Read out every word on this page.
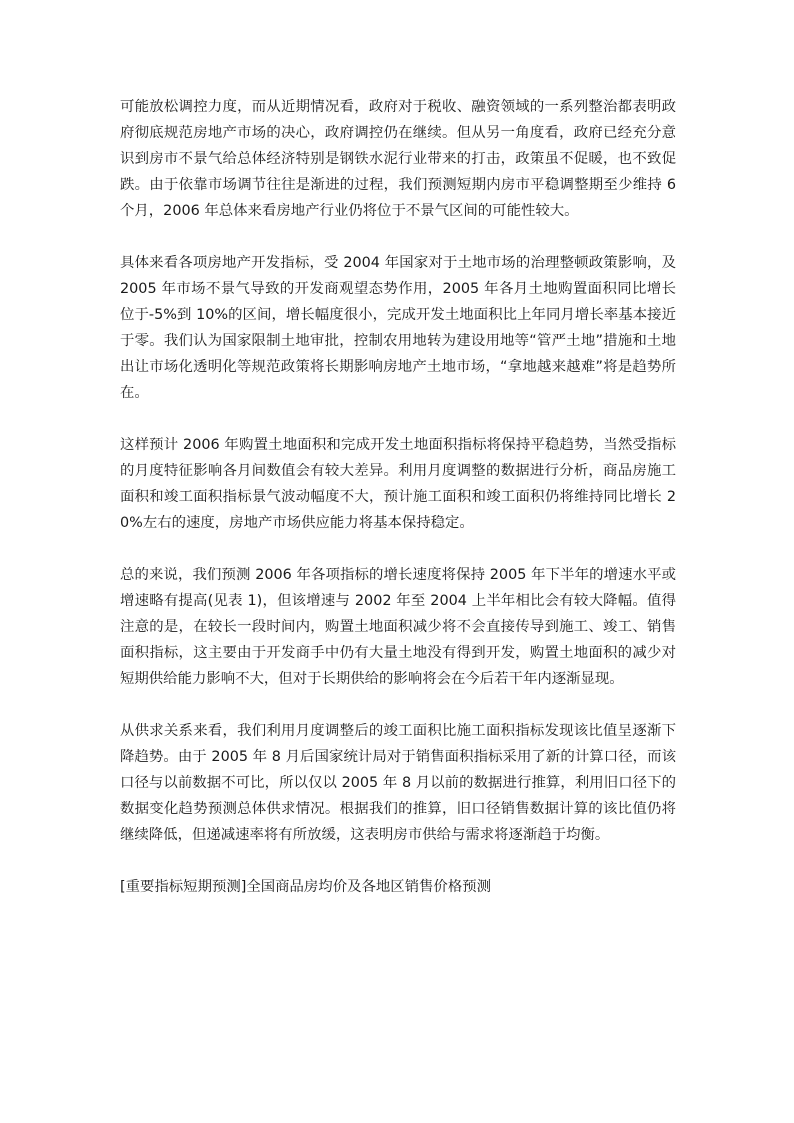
可能放松调控力度，而从近期情况看，政府对于税收、融资领域的一系列整治都表明政府彻底规范房地产市场的决心，政府调控仍在继续。但从另一角度看，政府已经充分意识到房市不景气给总体经济特别是钢铁水泥行业带来的打击，政策虽不促暖，也不致促跌。由于依靠市场调节往往是渐进的过程，我们预测短期内房市平稳调整期至少维持 6 个月，2006 年总体来看房地产行业仍将位于不景气区间的可能性较大。

具体来看各项房地产开发指标，受 2004 年国家对于土地市场的治理整顿政策影响，及 2005 年市场不景气导致的开发商观望态势作用，2005 年各月土地购置面积同比增长位于-5%到 10%的区间，增长幅度很小，完成开发土地面积比上年同月增长率基本接近于零。我们认为国家限制土地审批，控制农用地转为建设用地等“管严土地”措施和土地出让市场化透明化等规范政策将长期影响房地产土地市场，“拿地越来越难”将是趋势所在。

这样预计 2006 年购置土地面积和完成开发土地面积指标将保持平稳趋势，当然受指标的月度特征影响各月间数值会有较大差异。利用月度调整的数据进行分析，商品房施工面积和竣工面积指标景气波动幅度不大，预计施工面积和竣工面积仍将维持同比增长 20%左右的速度，房地产市场供应能力将基本保持稳定。

总的来说，我们预测 2006 年各项指标的增长速度将保持 2005 年下半年的增速水平或增速略有提高(见表 1)，但该增速与 2002 年至 2004 上半年相比会有较大降幅。值得注意的是，在较长一段时间内，购置土地面积减少将不会直接传导到施工、竣工、销售面积指标，这主要由于开发商手中仍有大量土地没有得到开发，购置土地面积的减少对短期供给能力影响不大，但对于长期供给的影响将会在今后若干年内逐渐显现。

从供求关系来看，我们利用月度调整后的竣工面积比施工面积指标发现该比值呈逐渐下降趋势。由于 2005 年 8 月后国家统计局对于销售面积指标采用了新的计算口径，而该口径与以前数据不可比，所以仅以 2005 年 8 月以前的数据进行推算，利用旧口径下的数据变化趋势预测总体供求情况。根据我们的推算，旧口径销售数据计算的该比值仍将继续降低，但递减速率将有所放缓，这表明房市供给与需求将逐渐趋于均衡。

[重要指标短期预测]全国商品房均价及各地区销售价格预测
